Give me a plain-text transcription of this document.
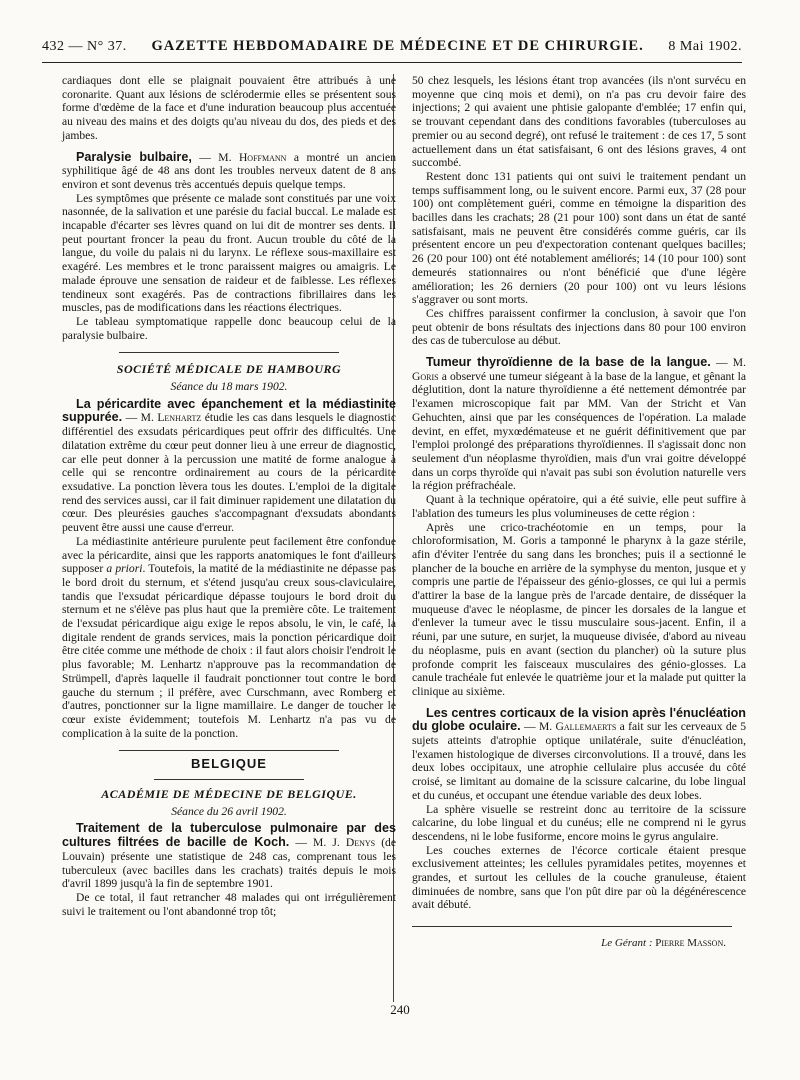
432 — N° 37. GAZETTE HEBDOMADAIRE DE MÉDECINE ET DE CHIRURGIE. 8 Mai 1902.

cardiaques dont elle se plaignait pouvaient être attribués à une coronarite. Quant aux lésions de sclérodermie elles se présentent sous forme d'œdème de la face et d'une induration beaucoup plus accentuée au niveau des mains et des doigts qu'au niveau du dos, des pieds et des jambes.

Paralysie bulbaire, — M. Hoffmann a montré un ancien syphilitique âgé de 48 ans dont les troubles nerveux datent de 8 ans environ et sont devenus très accentués depuis quelque temps.

Les symptômes que présente ce malade sont constitués par une voix nasonnée, de la salivation et une parésie du facial buccal. Le malade est incapable d'écarter ses lèvres quand on lui dit de montrer ses dents. Il peut pourtant froncer la peau du front. Aucun trouble du côté de la langue, du voile du palais ni du larynx. Le réflexe sous-maxillaire est exagéré. Les membres et le tronc paraissent maigres ou amaigris. Le malade éprouve une sensation de raideur et de faiblesse. Les réflexes tendineux sont exagérés. Pas de contractions fibrillaires dans les muscles, pas de modifications dans les réactions électriques.

Le tableau symptomatique rappelle donc beaucoup celui de la paralysie bulbaire.

SOCIÉTÉ MÉDICALE DE HAMBOURG
Séance du 18 mars 1902.

La péricardite avec épanchement et la médiastinite suppurée. — M. Lenhartz étudie les cas dans lesquels le diagnostic différentiel des exsudats péricardiques peut offrir des difficultés. Une dilatation extrême du cœur peut donner lieu à une erreur de diagnostic, car elle peut donner à la percussion une matité de forme analogue à celle qui se rencontre ordinairement au cours de la péricardite exsudative. La ponction lèvera tous les doutes. L'emploi de la digitale rend des services aussi, car il fait diminuer rapidement une dilatation du cœur. Des pleurésies gauches s'accompagnant d'exsudats abondants peuvent être aussi une cause d'erreur.

La médiastinite antérieure purulente peut facilement être confondue avec la péricardite, ainsi que les rapports anatomiques le font d'ailleurs supposer a priori. Toutefois, la matité de la médiastinite ne dépasse pas le bord droit du sternum, et s'étend jusqu'au creux sous-claviculaire, tandis que l'exsudat péricardique dépasse toujours le bord droit du sternum et ne s'élève pas plus haut que la première côte. Le traitement de l'exsudat péricardique aigu exige le repos absolu, le vin, le café, la digitale rendent de grands services, mais la ponction péricardique doit être citée comme une méthode de choix : il faut alors choisir l'endroit le plus favorable; M. Lenhartz n'approuve pas la recommandation de Strümpell, d'après laquelle il faudrait ponctionner tout contre le bord gauche du sternum ; il préfère, avec Curschmann, avec Romberg et d'autres, ponctionner sur la ligne mamillaire. Le danger de toucher le cœur existe évidemment; toutefois M. Lenhartz n'a pas vu de complication à la suite de la ponction.

BELGIQUE
ACADÉMIE DE MÉDECINE DE BELGIQUE.
Séance du 26 avril 1902.

Traitement de la tuberculose pulmonaire par des cultures filtrées de bacille de Koch. — M. J. Denys (de Louvain) présente une statistique de 248 cas, comprenant tous les tuberculeux (avec bacilles dans les crachats) traités depuis le mois d'avril 1899 jusqu'à la fin de septembre 1901.

De ce total, il faut retrancher 48 malades qui ont irrégulièrement suivi le traitement ou l'ont abandonné trop tôt;

50 chez lesquels, les lésions étant trop avancées (ils n'ont survécu en moyenne que cinq mois et demi), on n'a pas cru devoir faire des injections; 2 qui avaient une phtisie galopante d'emblée; 17 enfin qui, se trouvant cependant dans des conditions favorables (tuberculoses au premier ou au second degré), ont refusé le traitement : de ces 17, 5 sont actuellement dans un état satisfaisant, 6 ont des lésions graves, 4 ont succombé.

Restent donc 131 patients qui ont suivi le traitement pendant un temps suffisamment long, ou le suivent encore. Parmi eux, 37 (28 pour 100) ont complètement guéri, comme en témoigne la disparition des bacilles dans les crachats; 28 (21 pour 100) sont dans un état de santé satisfaisant, mais ne peuvent être considérés comme guéris, car ils présentent encore un peu d'expectoration contenant quelques bacilles; 26 (20 pour 100) ont été notablement améliorés; 14 (10 pour 100) sont demeurés stationnaires ou n'ont bénéficié que d'une légère amélioration; les 26 derniers (20 pour 100) ont vu leurs lésions s'aggraver ou sont morts.

Ces chiffres paraissent confirmer la conclusion, à savoir que l'on peut obtenir de bons résultats des injections dans 80 pour 100 environ des cas de tuberculose au début.

Tumeur thyroïdienne de la base de la langue. — M. Goris a observé une tumeur siégeant à la base de la langue, et gênant la déglutition, dont la nature thyroïdienne a été nettement démontrée par l'examen microscopique fait par MM. Van der Stricht et Van Gehuchten, ainsi que par les conséquences de l'opération. La malade devint, en effet, myxœdémateuse et ne guérit définitivement que par l'emploi prolongé des préparations thyroïdiennes. Il s'agissait donc non seulement d'un néoplasme thyroïdien, mais d'un vrai goitre développé dans un corps thyroïde qui n'avait pas subi son évolution naturelle vers la région préfrachéale.

Quant à la technique opératoire, qui a été suivie, elle peut suffire à l'ablation des tumeurs les plus volumineuses de cette région :

Après une crico-trachéotomie en un temps, pour la chloroformisation, M. Goris a tamponné le pharynx à la gaze stérile, afin d'éviter l'entrée du sang dans les bronches; puis il a sectionné le plancher de la bouche en arrière de la symphyse du menton, jusque et y compris une partie de l'épaisseur des génio-glosses, ce qui lui a permis d'attirer la base de la langue près de l'arcade dentaire, de disséquer la muqueuse d'avec le néoplasme, de pincer les dorsales de la langue et d'enlever la tumeur avec le tissu musculaire sous-jacent. Enfin, il a réuni, par une suture, en surjet, la muqueuse divisée, d'abord au niveau du néoplasme, puis en avant (section du plancher) où la suture plus profonde comprit les faisceaux musculaires des génio-glosses. La canule trachéale fut enlevée le quatrième jour et la malade put quitter la clinique au sixième.

Les centres corticaux de la vision après l'énucléation du globe oculaire. — M. Gallemaerts a fait sur les cerveaux de 5 sujets atteints d'atrophie optique unilatérale, suite d'énucléation, l'examen histologique de diverses circonvolutions. Il a trouvé, dans les deux lobes occipitaux, une atrophie cellulaire plus accusée du côté croisé, se limitant au domaine de la scissure calcarine, du lobe lingual et du cunéus, et occupant une étendue variable des deux lobes.

La sphère visuelle se restreint donc au territoire de la scissure calcarine, du lobe lingual et du cunéus; elle ne comprend ni le gyrus descendens, ni le lobe fusiforme, encore moins le gyrus angulaire.

Les couches externes de l'écorce corticale étaient presque exclusivement atteintes; les cellules pyramidales petites, moyennes et grandes, et surtout les cellules de la couche granuleuse, étaient diminuées de nombre, sans que l'on pût dire par où la dégénérescence avait débuté.

Le Gérant : Pierre Masson.
240
